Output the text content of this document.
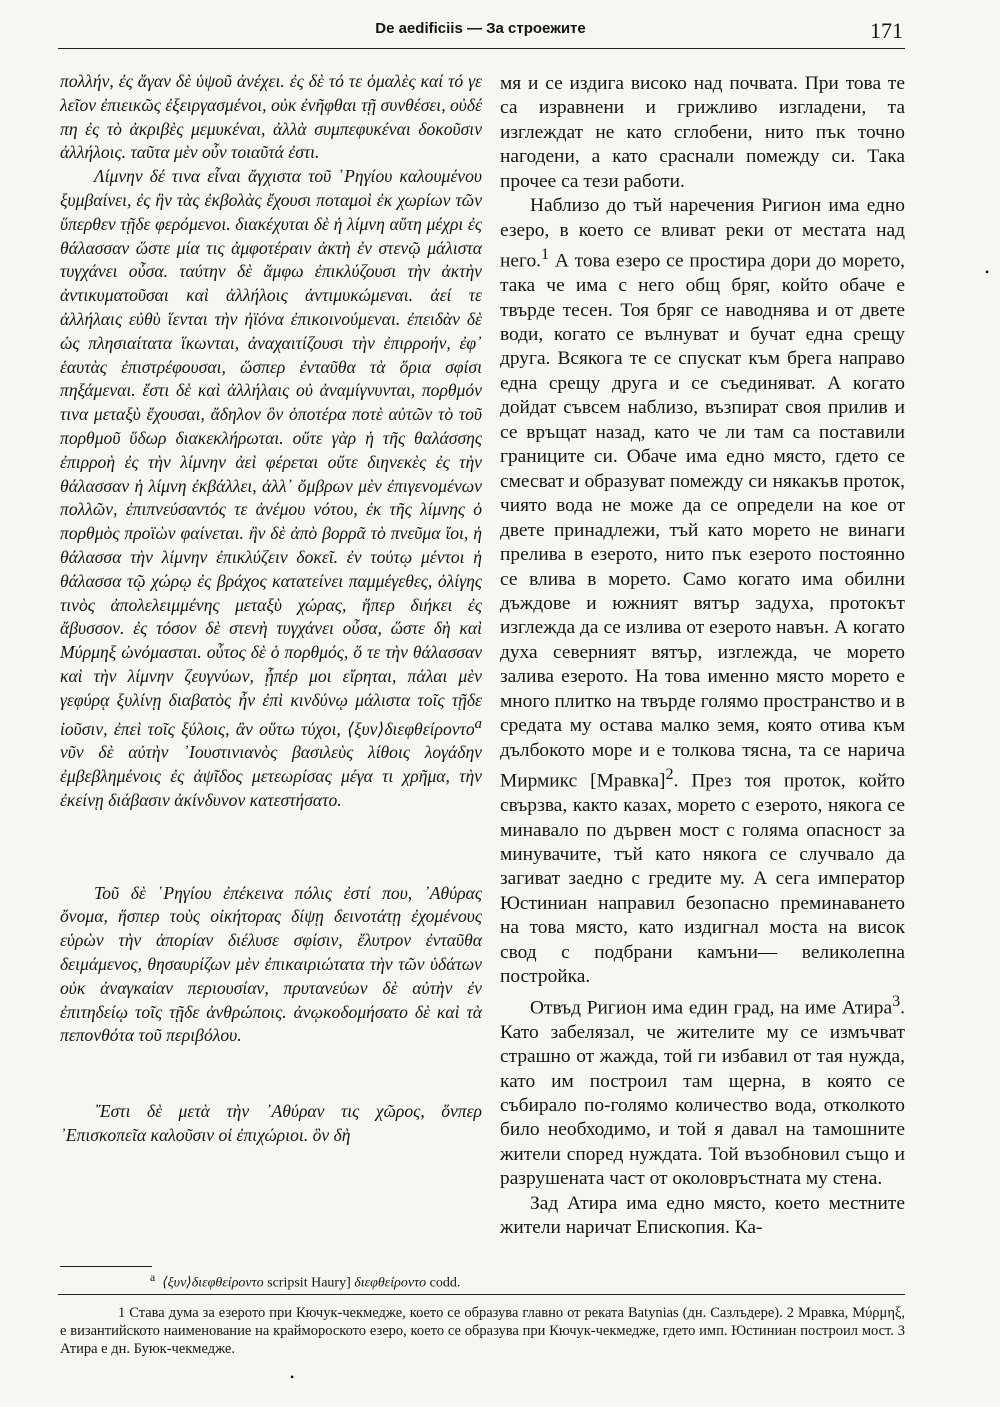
De aedificiis — За строежите	171

πολλήν, ἐς ἄγαν δὲ ὑψοῦ ἀνέχει. ἐς δὲ τό τε ὁμαλὲς καί τό γε λεῖον ἐπιεικῶς ἐξειργασμένοι, οὐκ ἐνῆφθαι τῇ συνθέσει, οὐδέ πη ἐς τὸ ἀκριβὲς μεμυκέναι, ἀλλὰ συμπεφυκέναι δοκοῦσιν ἀλλήλοις. ταῦτα μὲν οὖν τοιαῦτά ἐστι.

Λίμνην δέ τινα εἶναι ἄγχιστα τοῦ ῾Ρηγίου καλουμένου ξυμβαίνει, ἐς ἣν τὰς ἐκβολὰς ἔχουσι ποταμοὶ ἐκ χωρίων τῶν ὕπερθεν τῇδε φερόμενοι. διακέχυται δὲ ἡ λίμνη αὕτη μέχρι ἐς θάλασσαν ὥστε μία τις ἀμφοτέραιν ἀκτὴ ἐν στενῷ μάλιστα τυγχάνει οὖσα. ταύτην δὲ ἄμφω ἐπικλύζουσι τὴν ἀκτὴν ἀντικυματοῦσαι καὶ ἀλλήλοις ἀντιμυκώμεναι. ἀεί τε ἀλλήλαις εὐθὺ ἵενται τὴν ἠϊόνα ἐπικοινούμεναι. ἐπειδὰν δὲ ὡς πλησιαίτατα ἵκωνται, ἀναχαιτίζουσι τὴν ἐπιρροήν, ἐφ᾿ ἑαυτὰς ἐπιστρέφουσαι, ὥσπερ ἐνταῦθα τὰ ὅρια σφίσι πηξάμεναι. ἔστι δὲ καὶ ἀλλήλαις οὐ ἀναμίγνυνται, πορθμόν τινα μεταξὺ ἔχουσαι, ἄδηλον ὃν ὁποτέρα ποτὲ αὐτῶν τὸ τοῦ πορθμοῦ ὕδωρ διακεκλήρωται. οὔτε γὰρ ἡ τῆς θαλάσσης ἐπιρροὴ ἐς τὴν λίμνην ἀεὶ φέρεται οὔτε διηνεκὲς ἐς τὴν θάλασσαν ἡ λίμνη ἐκβάλλει, ἀλλ᾿ ὄμβρων μὲν ἐπιγενομένων πολλῶν, ἐπιπνεύσαντός τε ἀνέμου νότου, ἐκ τῆς λίμνης ὁ πορθμὸς προϊὼν φαίνεται. ἢν δὲ ἀπὸ βορρᾶ τὸ πνεῦμα ἴοι, ἡ θάλασσα τὴν λίμνην ἐπικλύζειν δοκεῖ. ἐν τούτῳ μέντοι ἡ θάλασσα τῷ χώρῳ ἐς βράχος κατατείνει παμμέγεθες, ὀλίγης τινὸς ἀπολελειμμένης μεταξὺ χώρας, ἥπερ διήκει ἐς ἄβυσσον. ἐς τόσον δὲ στενὴ τυγχάνει οὖσα, ὥστε δὴ καὶ Μύρμηξ ὠνόμασται. οὗτος δὲ ὁ πορθμός, ὅ τε τὴν θάλασσαν καὶ τὴν λίμνην ζευγνύων, ᾗπέρ μοι εἴρηται, πάλαι μὲν γεφύρᾳ ξυλίνῃ διαβατὸς ἦν ἐπὶ κινδύνῳ μάλιστα τοῖς τῇδε ἰοῦσιν, ἐπεὶ τοῖς ξύλοις, ἂν οὕτω τύχοι, ⟨ξυν⟩διεφθείροντο$^a$ νῦν δὲ αὐτὴν ᾿Ιουστινιανὸς βασιλεὺς λίθοις λογάδην ἐμβεβλημένοις ἐς ἀψῖδος μετεωρίσας μέγα τι χρῆμα, τὴν ἐκείνῃ διάβασιν ἀκίνδυνον κατεστήσατο.

Τοῦ δὲ ῾Ρηγίου ἐπέκεινα πόλις ἐστί που, ᾿Αθύρας ὄνομα, ἥσπερ τοὺς οἰκήτορας δίψῃ δεινοτάτῃ ἐχομένους εὑρὼν τὴν ἀπορίαν διέλυσε σφίσιν, ἔλυτρον ἐνταῦθα δειμάμενος, θησαυρίζων μὲν ἐπικαιριώτατα τὴν τῶν ὑδάτων οὐκ ἀναγκαίαν περιουσίαν, πρυτανεύων δὲ αὐτὴν ἐν ἐπιτηδείῳ τοῖς τῇδε ἀνθρώποις. ἀνῳκοδομήσατο δὲ καὶ τὰ πεπονθότα τοῦ περιβόλου.

῎Εστι δὲ μετὰ τὴν ᾿Αθύραν τις χῶρος, ὅνπερ ᾿Επισκοπεῖα καλοῦσιν οἱ ἐπιχώριοι. ὃν δὴ

мя и се издига високо над почвата. При това те са изравнени и грижливо изгладени, та изглеждат не като сглобени, нито пък точно нагодени, а като сраснали помежду си. Така прочее са тези работи.

Наблизо до тъй наречения Ригион има едно езеро, в което се вливат реки от местата над него.$^1$ А това езеро се простира дори до морето, така че има с него общ бряг, който обаче е твърде тесен. Тоя бряг се наводнява и от двете води, когато се вълнуват и бучат една срещу друга. Всякога те се спускат към брега направо една срещу друга и се съединяват. А когато дойдат съвсем наблизо, възпират своя прилив и се връщат назад, като че ли там са поставили границите си. Обаче има едно място, гдето се смесват и образуват помежду си някакъв проток, чиято вода не може да се определи на кое от двете принадлежи, тъй като морето не винаги прелива в езерото, нито пък езерото постоянно се влива в морето. Само когато има обилни дъждове и южният вятър задуха, протокът изглежда да се излива от езерото навън. А когато духа северният вятър, изглежда, че морето залива езерото. На това именно място морето е много плитко на твърде голямо пространство и в средата му остава малко земя, която отива към дълбокото море и е толкова тясна, та се нарича Мирмикс [Мравка]$^2$. През тоя проток, който свързва, както казах, морето с езерото, някога се минавало по дървен мост с голяма опасност за минувачите, тъй като някога се случвало да загиват заедно с гредите му. А сега император Юстиниан направил безопасно преминаването на това място, като издигнал моста на висок свод с подбрани камъни— великолепна постройка.

Отвъд Ригион има един град, на име Атира$^3$. Като забелязал, че жителите му се измъчват страшно от жажда, той ги избавил от тая нужда, като им построил там щерна, в която се събирало по-голямо количество вода, отколкото било необходимо, и той я давал на тамошните жители според нуждата. Той възобновил също и разрушената част от околовръстната му стена.

Зад Атира има едно място, което местните жители наричат Епископия. Ка-

$^a$ ⟨ξυν⟩διεφθείροντο scripsit Haury] διεφθείροντο codd.

1 Става дума за езерото при Кючук-чекмедже, което се образува главно от реката Batynias (дн. Сазлъдере). 2 Мравка, Μύρμηξ, е византийското наименование на краймороското езеро, което се образува при Кючук-чекмедже, гдето имп. Юстиниан построил мост. 3 Атира е дн. Буюк-чекмедже.

•
•
